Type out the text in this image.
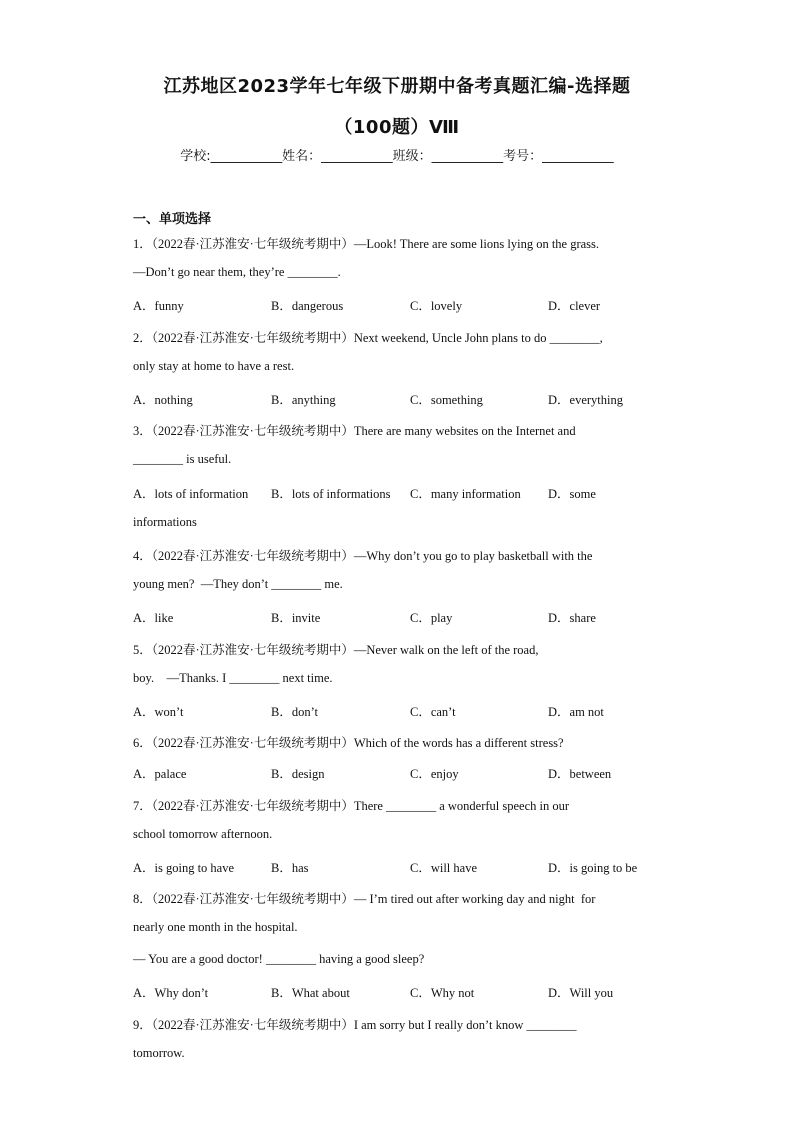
江苏地区2023学年七年级下册期中备考真题汇编-选择题
（100题）Ⅷ
学校:___________姓名：___________班级：___________考号：___________
一、单项选择
1．（2022春·江苏淮安·七年级统考期中）—Look! There are some lions lying on the grass.
—Don’t go near them, they’re ________.
A．funny	B．dangerous	C．lovely	D．clever
2．（2022春·江苏淮安·七年级统考期中）Next weekend, Uncle John plans to do ________,
only stay at home to have a rest.
A．nothing	B．anything	C．something	D．everything
3．（2022春·江苏淮安·七年级统考期中）There are many websites on the Internet and
________ is useful.
A．lots of information B．lots of informations C．many information D．some
informations
4．（2022春·江苏淮安·七年级统考期中）—Why don’t you go to play basketball with the
young men?  —They don’t ________ me.
A．like	B．invite	C．play	D．share
5．（2022春·江苏淮安·七年级统考期中）—Never walk on the left of the road,
boy.    —Thanks. I ________ next time.
A．won’t	B．don’t	C．can’t	D．am not
6．（2022春·江苏淮安·七年级统考期中）Which of the words has a different stress?
A．palace	B．design	C．enjoy	D．between
7．（2022春·江苏淮安·七年级统考期中）There ________ a wonderful speech in our
school tomorrow afternoon.
A．is going to have	B．has	C．will have	D．is going to be
8．（2022春·江苏淮安·七年级统考期中）— I’m tired out after working day and night  for
nearly one month in the hospital.
— You are a good doctor! ________ having a good sleep?
A．Why don’t	B．What about	C．Why not	D．Will you
9．（2022春·江苏淮安·七年级统考期中）I am sorry but I really don’t know ________
tomorrow.
